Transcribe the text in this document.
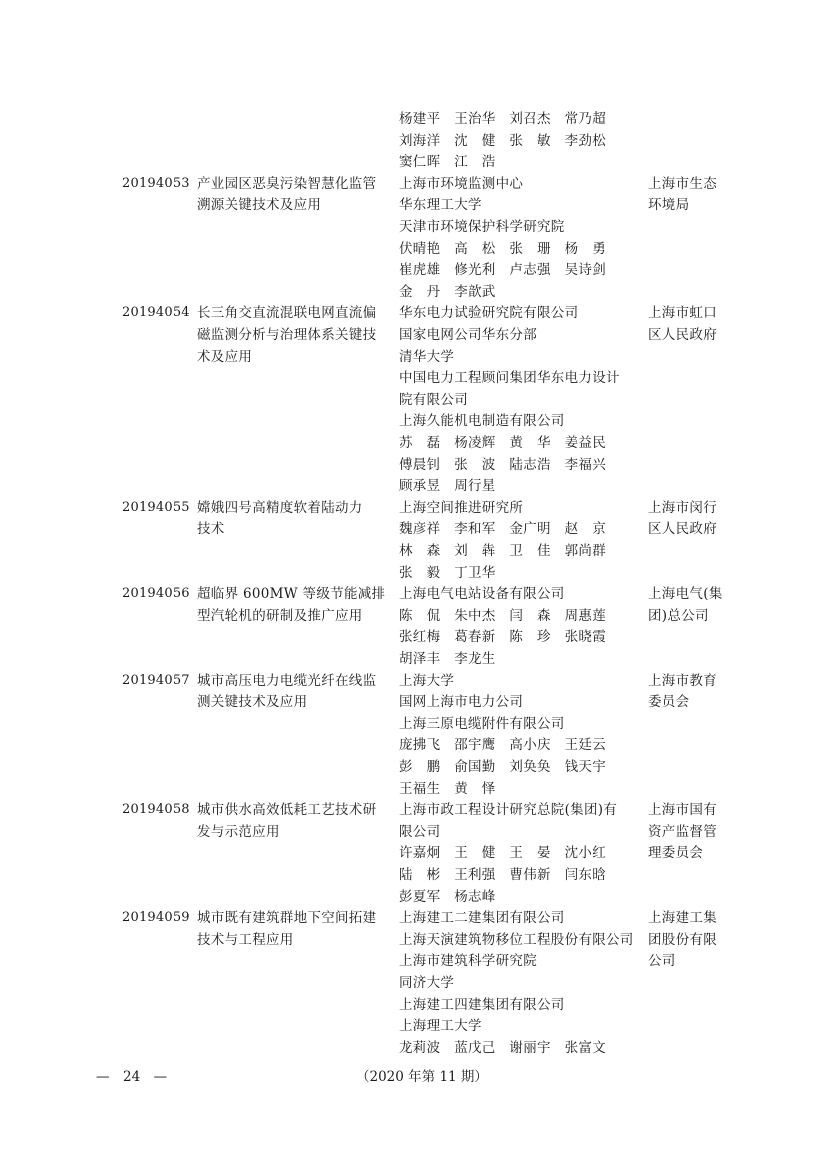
杨建平　王治华　刘召杰　常乃超
刘海洋　沈　健　张　敏　李劲松
窦仁晖　江　浩
20194053 产业园区恶臭污染智慧化监管
溯源关键技术及应用
上海市环境监测中心
华东理工大学
天津市环境保护科学研究院
伏晴艳　高　松　张　珊　杨　勇
崔虎雄　修光利　卢志强　吴诗剑
金　丹　李歆武
上海市生态
环境局
20194054 长三角交直流混联电网直流偏
磁监测分析与治理体系关键技
术及应用
华东电力试验研究院有限公司
国家电网公司华东分部
清华大学
中国电力工程顾问集团华东电力设计
院有限公司
上海久能机电制造有限公司
苏　磊　杨凌辉　黄　华　姜益民
傅晨钊　张　波　陆志浩　李福兴
顾承昱　周行星
上海市虹口
区人民政府
20194055 嫦娥四号高精度软着陆动力
技术
上海空间推进研究所
魏彦祥　李和军　金广明　赵　京
林　森　刘　犇　卫　佳　郭尚群
张　毅　丁卫华
上海市闵行
区人民政府
20194056 超临界 600MW 等级节能减排
型汽轮机的研制及推广应用
上海电气电站设备有限公司
陈　侃　朱中杰　闫　森　周惠莲
张红梅　葛春新　陈　珍　张晓霞
胡泽丰　李龙生
上海电气(集
团)总公司
20194057 城市高压电力电缆光纤在线监
测关键技术及应用
上海大学
国网上海市电力公司
上海三原电缆附件有限公司
庞拂飞　邵宇鹰　高小庆　王廷云
彭　鹏　俞国勤　刘奂奂　钱天宇
王福生　黄　怿
上海市教育
委员会
20194058 城市供水高效低耗工艺技术研
发与示范应用
上海市政工程设计研究总院(集团)有
限公司
许嘉炯　王　健　王　晏　沈小红
陆　彬　王利强　曹伟新　闫东晗
彭夏军　杨志峰
上海市国有
资产监督管
理委员会
20194059 城市既有建筑群地下空间拓建
技术与工程应用
上海建工二建集团有限公司
上海天演建筑物移位工程股份有限公司
上海市建筑科学研究院
同济大学
上海建工四建集团有限公司
上海理工大学
龙莉波　蓝戊己　谢丽宇　张富文
上海建工集
团股份有限
公司
—　24　—	（2020 年第 11 期）
